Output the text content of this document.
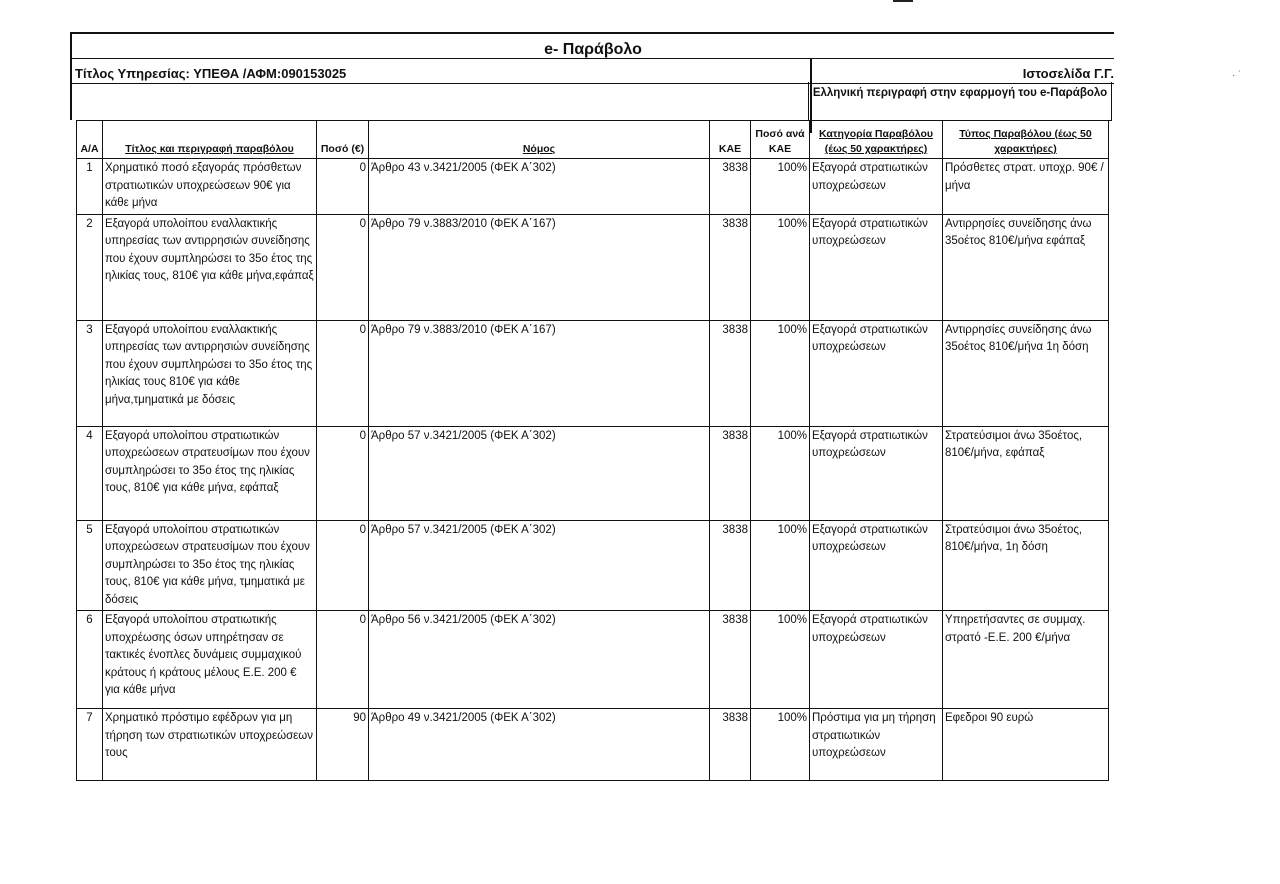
· ˙
e- Παράβολο
Τίτλος Υπηρεσίας: ΥΠΕΘΑ /ΑΦΜ:090153025	Ιστοσελίδα Γ.Γ.
Ελληνική περιγραφή στην εφαρμογή του e-Παράβολο
Α/Α	Τίτλος και περιγραφή παραβόλου	Ποσό (€)	Νόμος	ΚΑΕ	Ποσό ανά ΚΑΕ	Κατηγορία Παραβόλου (έως 50 χαρακτήρες)	Τύπος Παραβόλου (έως 50 χαρακτήρες)
1	Χρηματικό ποσό εξαγοράς πρόσθετων στρατιωτικών υποχρεώσεων 90€ για κάθε μήνα	0	Άρθρο 43 ν.3421/2005 (ΦΕΚ Α΄302)	3838	100%	Εξαγορά στρατιωτικών υποχρεώσεων	Πρόσθετες στρατ. υποχρ. 90€ /μήνα
2	Εξαγορά υπολοίπου εναλλακτικής υπηρεσίας των αντιρρησιών συνείδησης που έχουν συμπληρώσει το 35ο έτος της ηλικίας τους, 810€ για κάθε μήνα,εφάπαξ	0	Άρθρο 79 ν.3883/2010 (ΦΕΚ Α΄167)	3838	100%	Εξαγορά στρατιωτικών υποχρεώσεων	Αντιρρησίες συνείδησης άνω 35οέτος 810€/μήνα εφάπαξ
3	Εξαγορά υπολοίπου εναλλακτικής υπηρεσίας των αντιρρησιών συνείδησης που έχουν συμπληρώσει το 35ο έτος της ηλικίας τους 810€ για κάθε μήνα,τμηματικά με δόσεις	0	Άρθρο 79 ν.3883/2010 (ΦΕΚ Α΄167)	3838	100%	Εξαγορά στρατιωτικών υποχρεώσεων	Αντιρρησίες συνείδησης άνω 35οέτος 810€/μήνα 1η δόση
4	Εξαγορά υπολοίπου στρατιωτικών υποχρεώσεων στρατευσίμων που έχουν συμπληρώσει το 35ο έτος της ηλικίας τους, 810€ για κάθε μήνα, εφάπαξ	0	Άρθρο 57 ν.3421/2005 (ΦΕΚ Α΄302)	3838	100%	Εξαγορά στρατιωτικών υποχρεώσεων	Στρατεύσιμοι άνω 35οέτος, 810€/μήνα, εφάπαξ
5	Εξαγορά υπολοίπου στρατιωτικών υποχρεώσεων στρατευσίμων που έχουν συμπληρώσει το 35ο έτος της ηλικίας τους, 810€ για κάθε μήνα, τμηματικά με δόσεις	0	Άρθρο 57 ν.3421/2005 (ΦΕΚ Α΄302)	3838	100%	Εξαγορά στρατιωτικών υποχρεώσεων	Στρατεύσιμοι άνω 35οέτος, 810€/μήνα, 1η δόση
6	Εξαγορά υπολοίπου στρατιωτικής υποχρέωσης όσων υπηρέτησαν σε τακτικές ένοπλες δυνάμεις συμμαχικού κράτους ή κράτους μέλους Ε.Ε. 200 € για κάθε μήνα	0	Άρθρο 56 ν.3421/2005 (ΦΕΚ Α΄302)	3838	100%	Εξαγορά στρατιωτικών υποχρεώσεων	Υπηρετήσαντες σε συμμαχ. στρατό -Ε.Ε. 200 €/μήνα
7	Χρηματικό πρόστιμο εφέδρων για μη τήρηση των στρατιωτικών υποχρεώσεων τους	90	Άρθρο 49 ν.3421/2005 (ΦΕΚ Α΄302)	3838	100%	Πρόστιμα για μη τήρηση στρατιωτικών υποχρεώσεων	Εφεδροι 90 ευρώ
